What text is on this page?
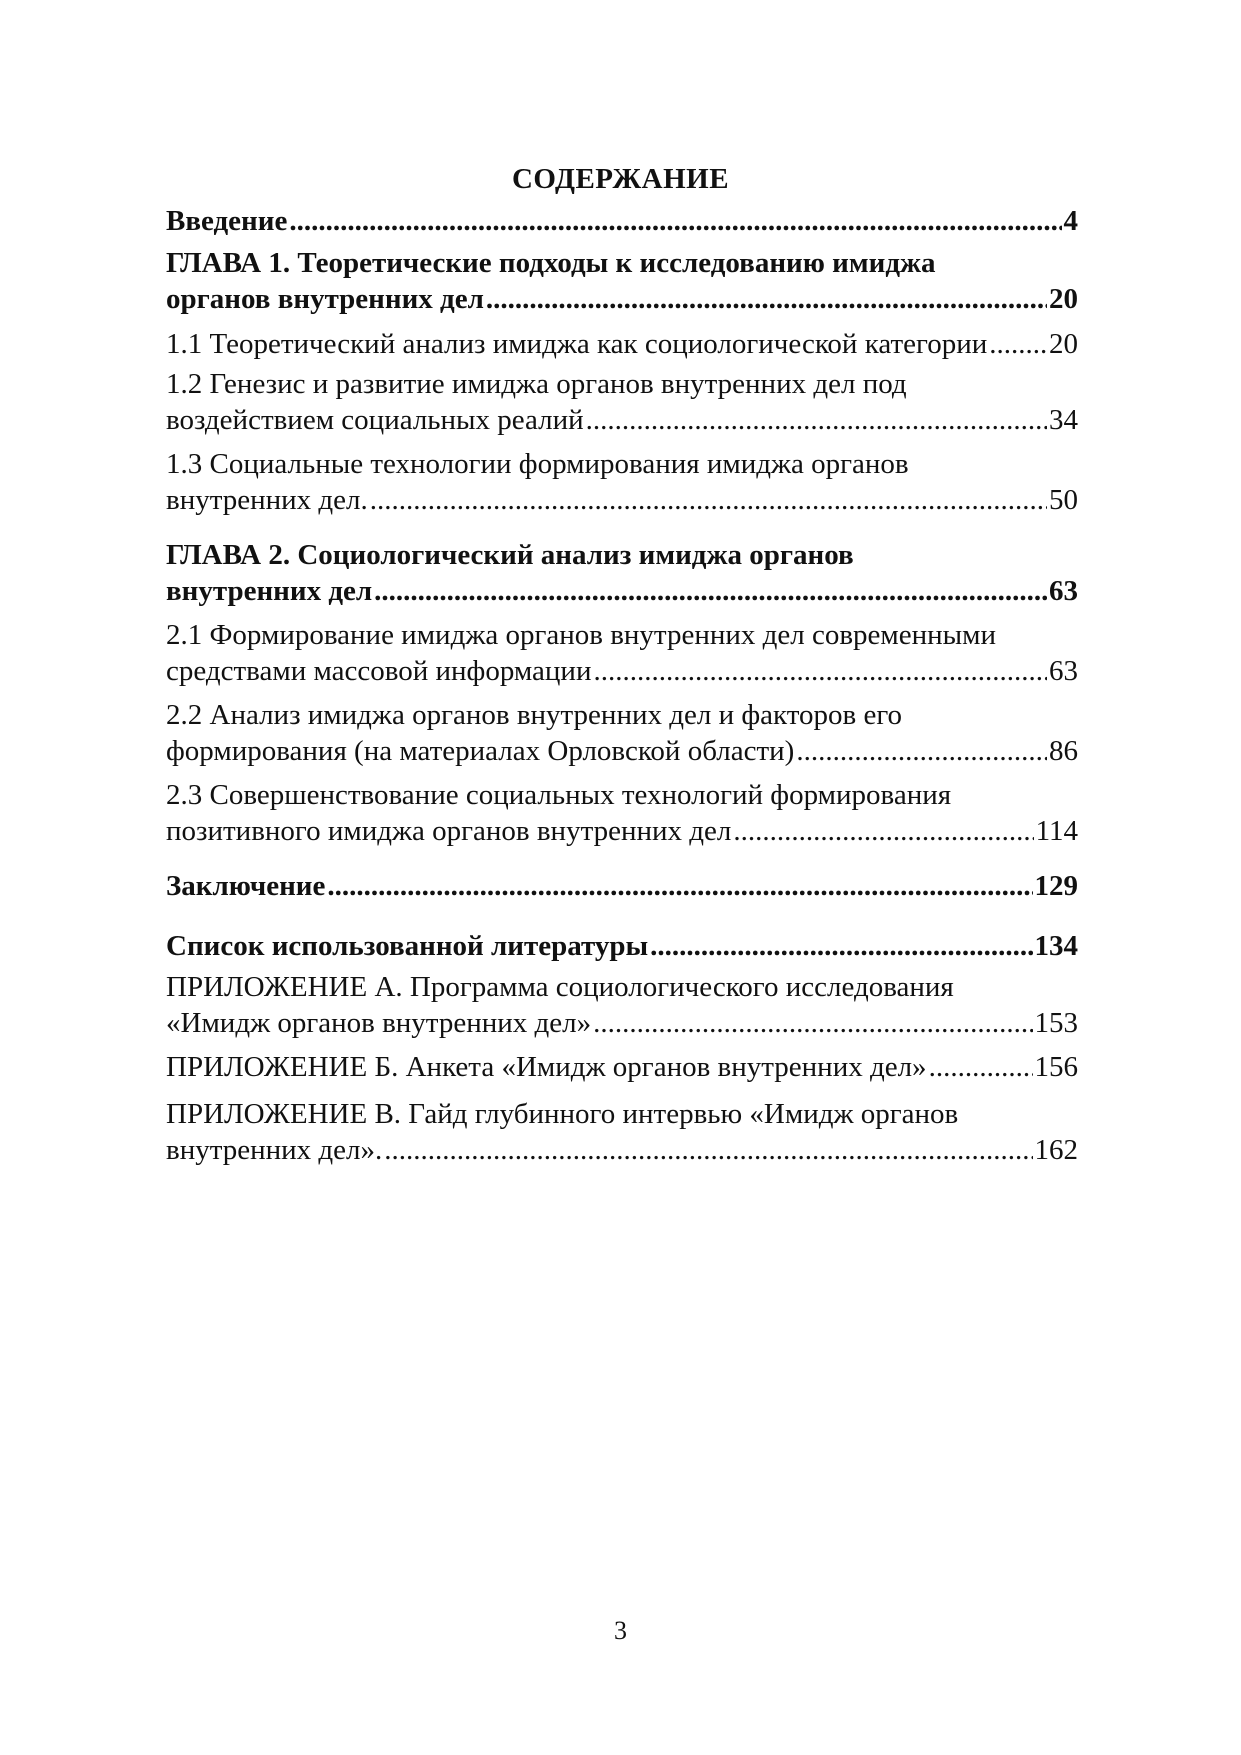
СОДЕРЖАНИЕ
Введение .....	4
ГЛАВА 1. Теоретические подходы к исследованию имиджа
органов внутренних дел .....	20
1.1 Теоретический анализ имиджа как социологической категории ..... 20
1.2 Генезис и развитие имиджа органов внутренних дел под
воздействием социальных реалий .....	34
1.3 Социальные технологии формирования имиджа органов
внутренних дел. .....	50
ГЛАВА 2. Социологический анализ имиджа органов
внутренних дел .....	63
2.1 Формирование имиджа органов внутренних дел современными
средствами массовой информации .....	63
2.2 Анализ имиджа органов внутренних дел и факторов его
формирования (на материалах Орловской области) .....	86
2.3 Совершенствование социальных технологий формирования
позитивного имиджа органов внутренних дел .....	114
Заключение .....	129
Список использованной литературы .....	134
ПРИЛОЖЕНИЕ А. Программа социологического исследования
«Имидж органов внутренних дел» .....	153
ПРИЛОЖЕНИЕ Б. Анкета «Имидж органов внутренних дел» .....	156
ПРИЛОЖЕНИЕ В. Гайд глубинного интервью «Имидж органов
внутренних дел». .....	162
3
